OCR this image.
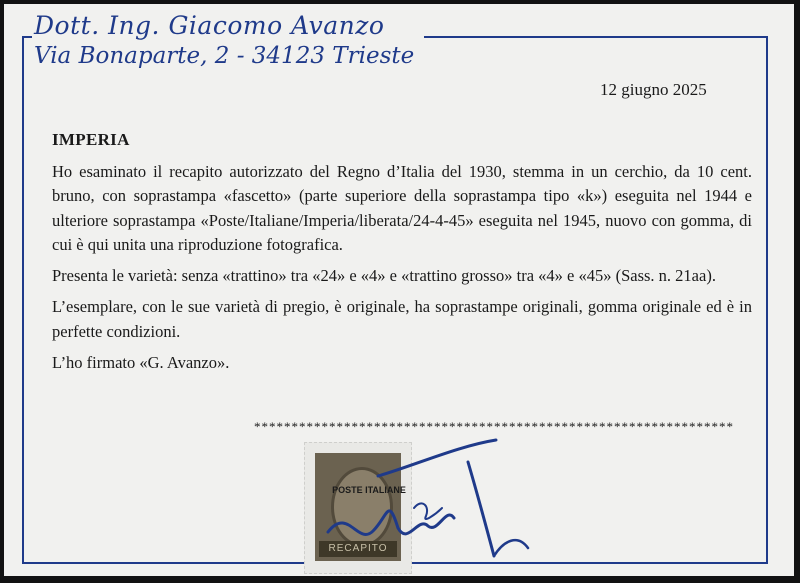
Dott. Ing. Giacomo Avanzo
Via Bonaparte, 2 - 34123 Trieste
12 giugno 2025
IMPERIA

Ho esaminato il recapito autorizzato del Regno d’Italia del 1930, stemma in un cerchio, da 10 cent. bruno, con soprastampa «fascetto» (parte superiore della soprastampa tipo «k») eseguita nel 1944 e ulteriore soprastampa «Poste/Italiane/Imperia/liberata/24-4-45» eseguita nel 1945, nuovo con gomma, di cui è qui unita una riproduzione fotografica.

Presenta le varietà: senza «trattino» tra «24» e «4» e «trattino grosso» tra «4» e «45» (Sass. n. 21aa).

L’esemplare, con le sue varietà di pregio, è originale, ha soprastampe originali, gomma originale ed è in perfette condizioni.

L’ho firmato «G. Avanzo».

****************************************************************
POSTE ITALIANE
RECAPITO
